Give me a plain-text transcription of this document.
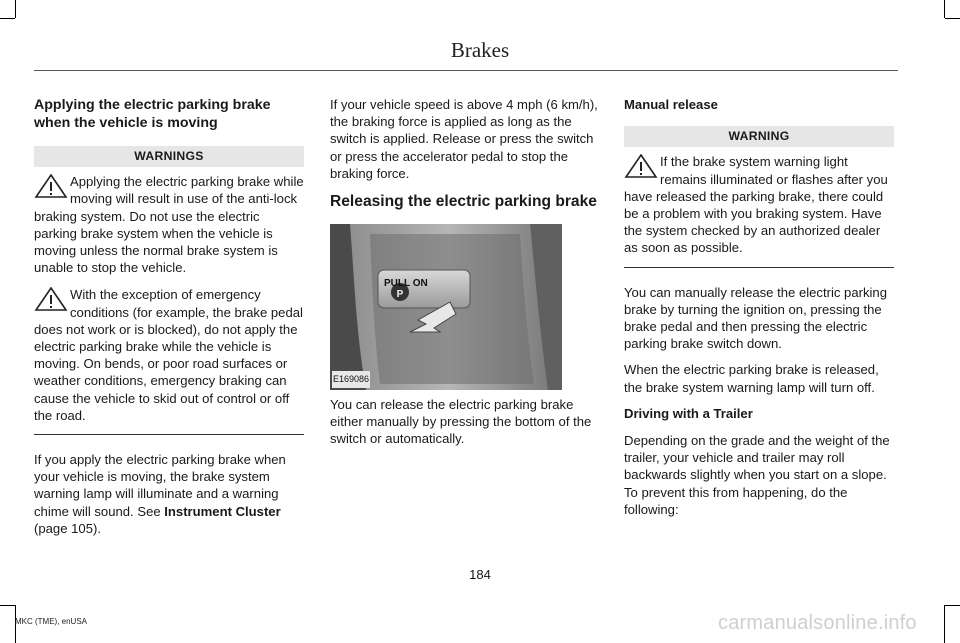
Brakes
Applying the electric parking brake when the vehicle is moving
WARNINGS
Applying the electric parking brake while moving will result in use of the anti-lock braking system. Do not use the electric parking brake system when the vehicle is moving unless the normal brake system is unable to stop the vehicle.
With the exception of emergency conditions (for example, the brake pedal does not work or is blocked), do not apply the electric parking brake while the vehicle is moving. On bends, or poor road surfaces or weather conditions, emergency braking can cause the vehicle to skid out of control or off the road.

If you apply the electric parking brake when your vehicle is moving, the brake system warning lamp will illuminate and a warning chime will sound. See Instrument Cluster (page 105).

If your vehicle speed is above 4 mph (6 km/h), the braking force is applied as long as the switch is applied. Release or press the switch or press the accelerator pedal to stop the braking force.

Releasing the electric parking brake
PULL ON
P
E169086

You can release the electric parking brake either manually by pressing the bottom of the switch or automatically.

Manual release
WARNING
If the brake system warning light remains illuminated or flashes after you have released the parking brake, there could be a problem with you braking system. Have the system checked by an authorized dealer as soon as possible.

You can manually release the electric parking brake by turning the ignition on, pressing the brake pedal and then pressing the electric parking brake switch down.

When the electric parking brake is released, the brake system warning lamp will turn off.

Driving with a Trailer

Depending on the grade and the weight of the trailer, your vehicle and trailer may roll backwards slightly when you start on a slope. To prevent this from happening, do the following:

184
MKC (TME), enUSA	carmanualsonline.info
